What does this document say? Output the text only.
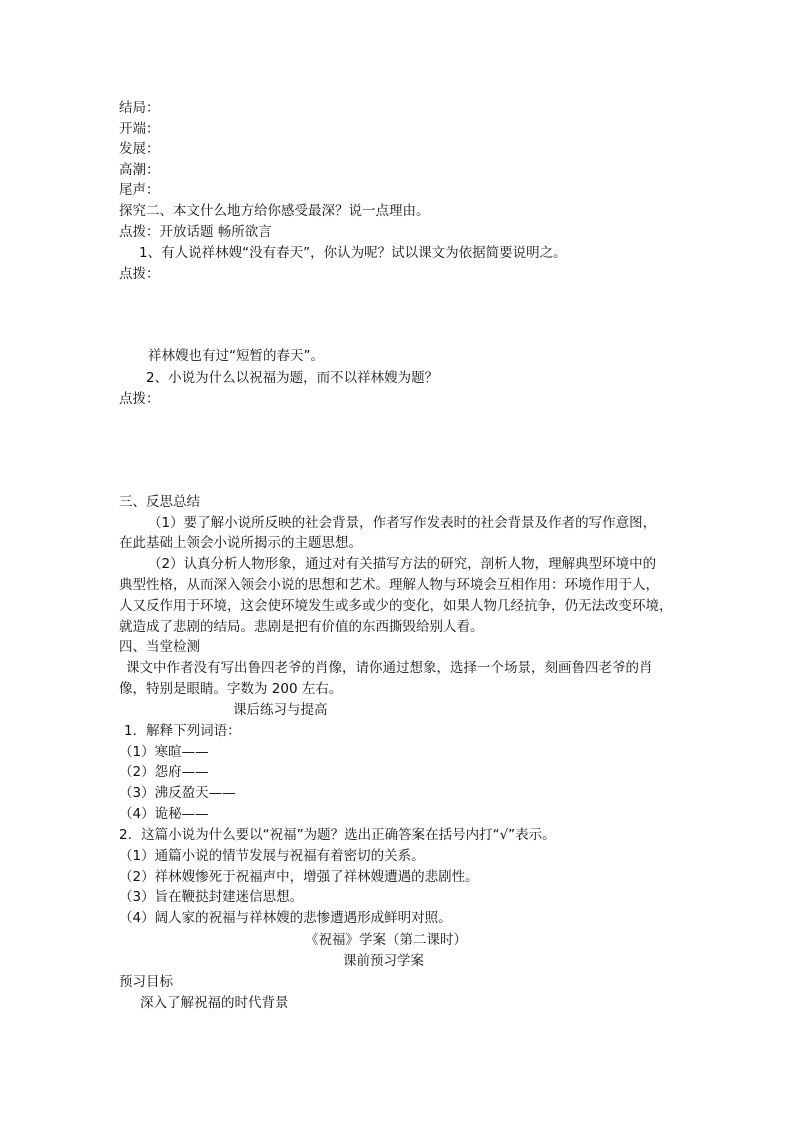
结局：
开端：
发展：
高潮：
尾声：
探究二、本文什么地方给你感受最深？说一点理由。
点拨：开放话题 畅所欲言
1、有人说祥林嫂“没有春天”，你认为呢？试以课文为依据简要说明之。
点拨：
祥林嫂也有过“短暂的春天”。
2、小说为什么以祝福为题，而不以祥林嫂为题？
点拨：
三、反思总结
（1）要了解小说所反映的社会背景，作者写作发表时的社会背景及作者的写作意图，
在此基础上领会小说所揭示的主题思想。
（2）认真分析人物形象，通过对有关描写方法的研究，剖析人物，理解典型环境中的
典型性格，从而深入领会小说的思想和艺术。理解人物与环境会互相作用：环境作用于人，
人又反作用于环境，这会使环境发生或多或少的变化，如果人物几经抗争，仍无法改变环境，
就造成了悲剧的结局。悲剧是把有价值的东西撕毁给别人看。
四、当堂检测
课文中作者没有写出鲁四老爷的肖像，请你通过想象，选择一个场景，刻画鲁四老爷的肖
像，特别是眼睛。字数为 200 左右。
课后练习与提高
1．解释下列词语：
（1）寒暄——
（2）怨府——
（3）沸反盈天——
（4）诡秘——
2．这篇小说为什么要以“祝福”为题？选出正确答案在括号内打“√”表示。
（1）通篇小说的情节发展与祝福有着密切的关系。
（2）祥林嫂惨死于祝福声中，增强了祥林嫂遭遇的悲剧性。
（3）旨在鞭挞封建迷信思想。
（4）阔人家的祝福与祥林嫂的悲惨遭遇形成鲜明对照。
《祝福》学案（第二课时）
课前预习学案
预习目标
深入了解祝福的时代背景
